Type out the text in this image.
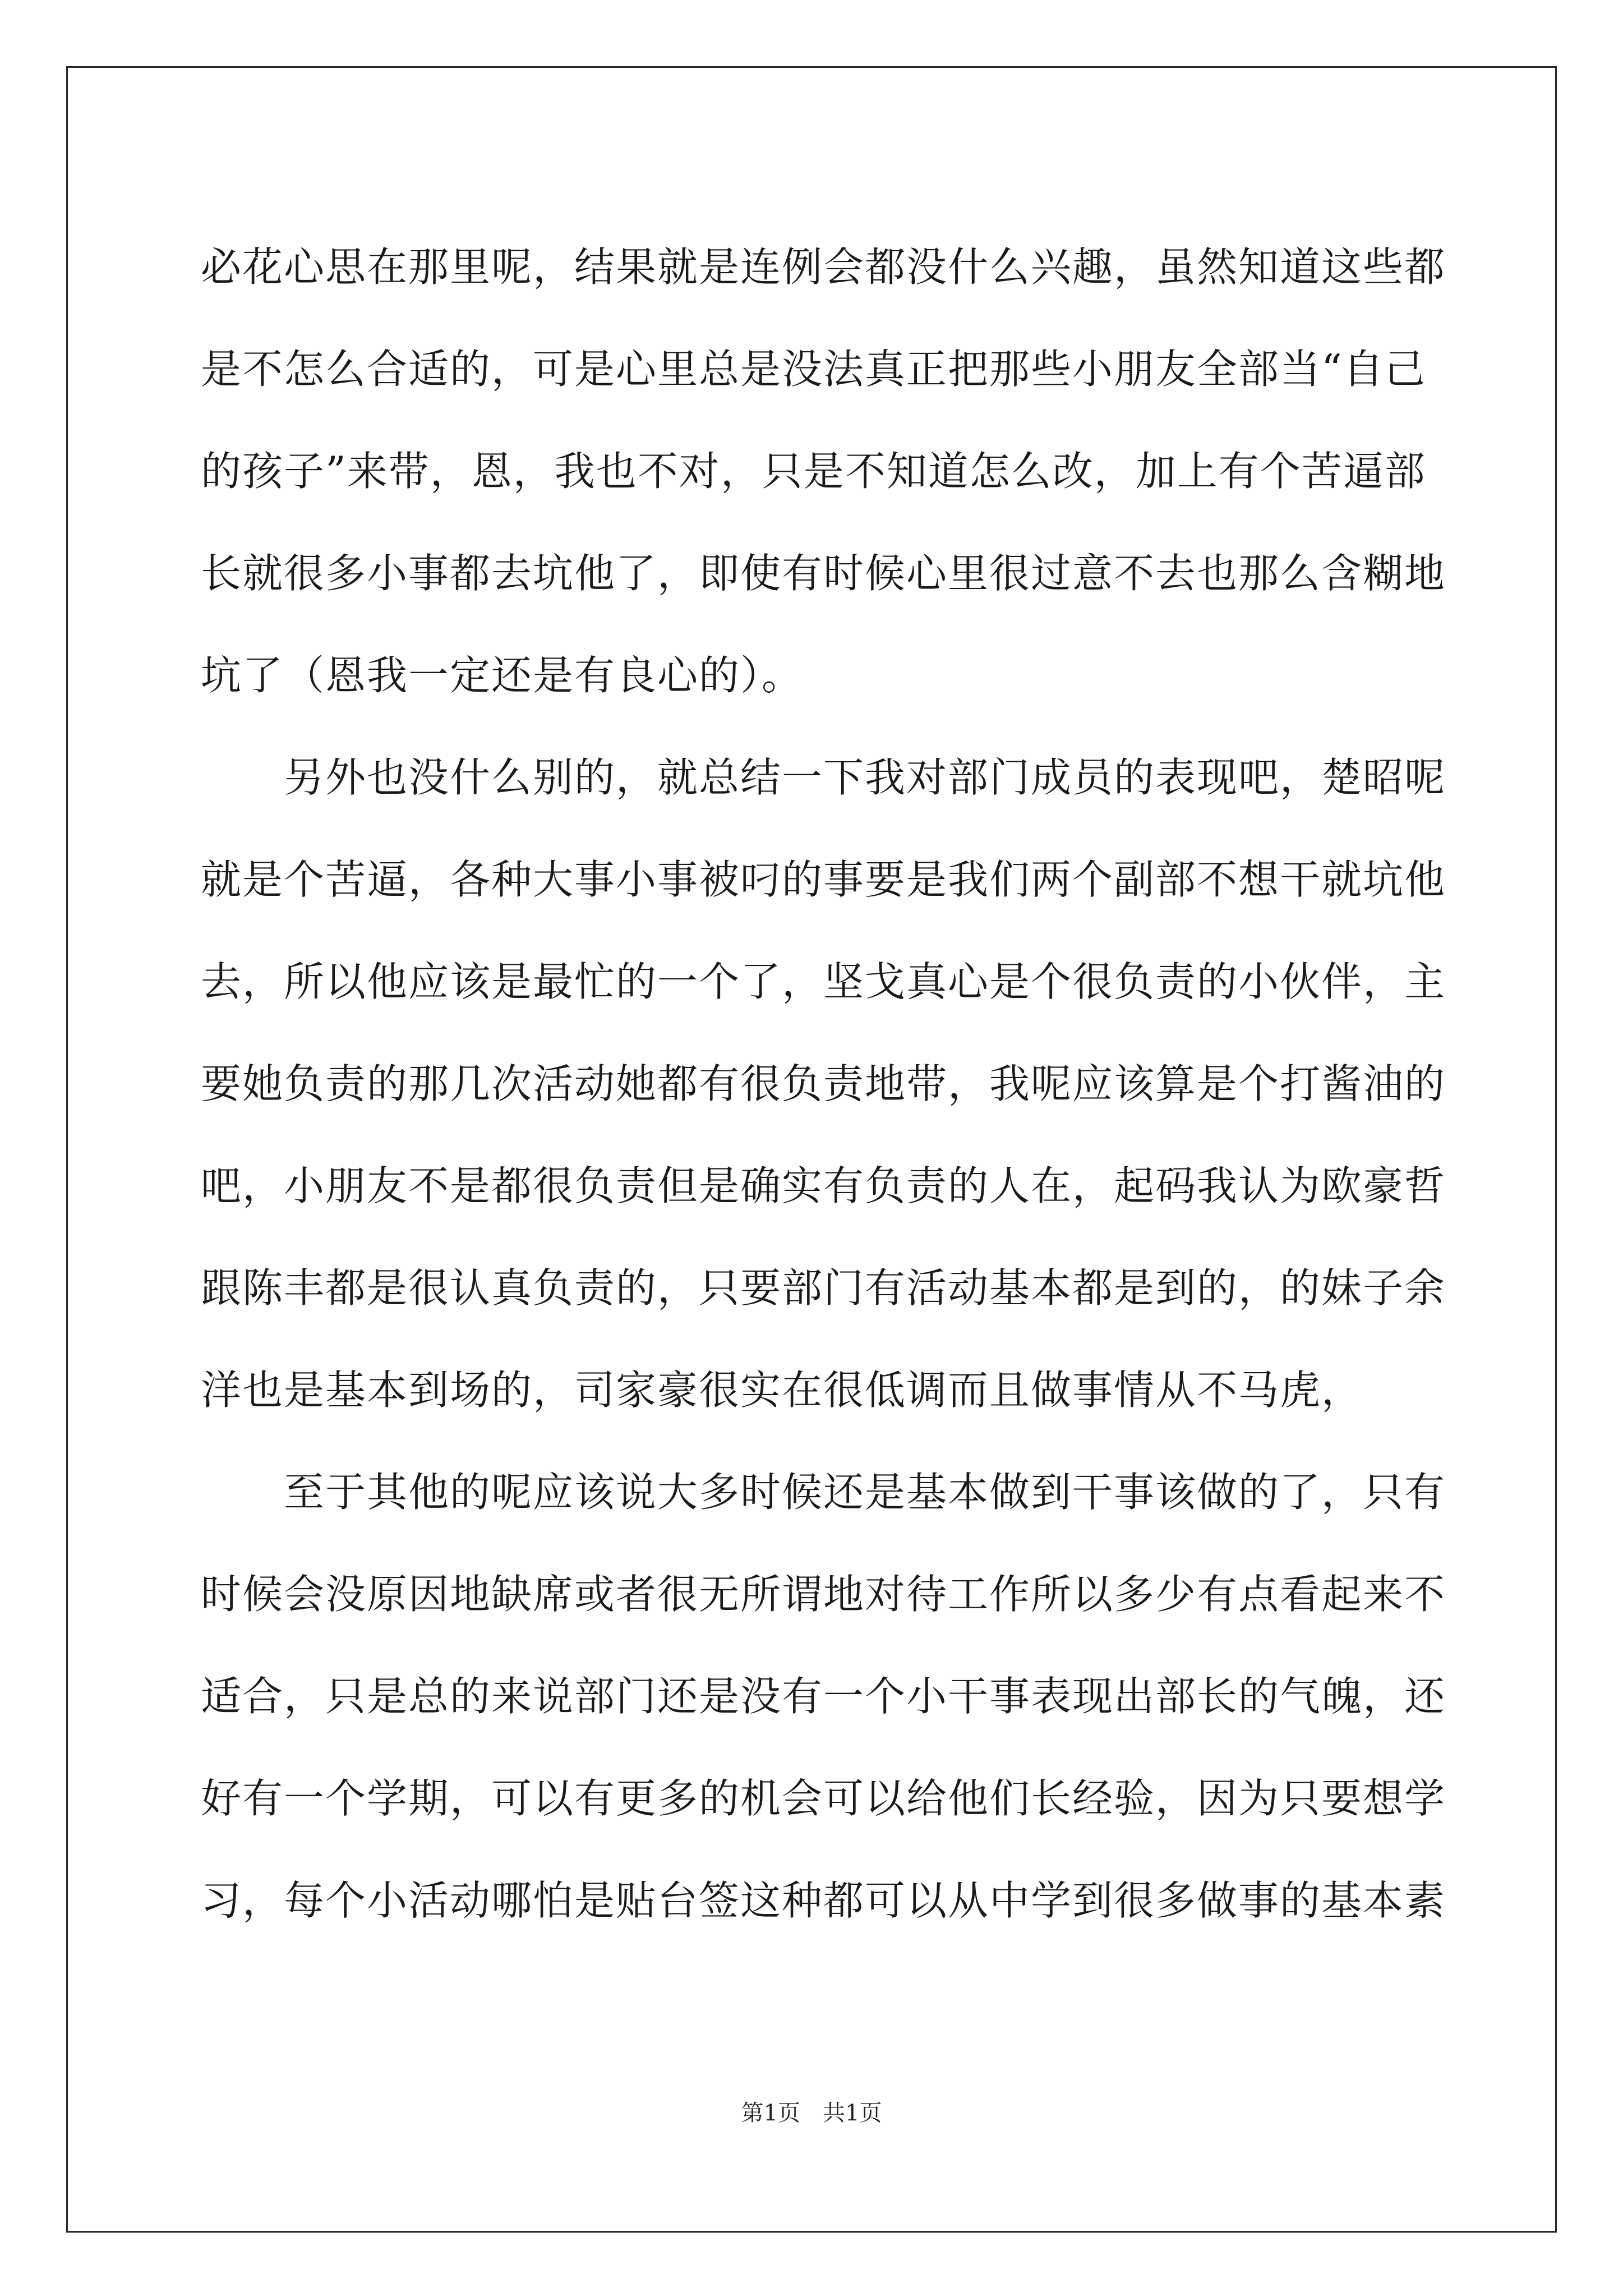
必花心思在那里呢，结果就是连例会都没什么兴趣，虽然知道这些都
是不怎么合适的，可是心里总是没法真正把那些小朋友全部当“自己
的孩子”来带，恩，我也不对，只是不知道怎么改，加上有个苦逼部
长就很多小事都去坑他了，即使有时候心里很过意不去也那么含糊地
坑了（恩我一定还是有良心的）。
　　另外也没什么别的，就总结一下我对部门成员的表现吧，楚昭呢
就是个苦逼，各种大事小事被叼的事要是我们两个副部不想干就坑他
去，所以他应该是最忙的一个了，坚戈真心是个很负责的小伙伴，主
要她负责的那几次活动她都有很负责地带，我呢应该算是个打酱油的
吧，小朋友不是都很负责但是确实有负责的人在，起码我认为欧豪哲
跟陈丰都是很认真负责的，只要部门有活动基本都是到的，的妹子余
洋也是基本到场的，司家豪很实在很低调而且做事情从不马虎，
　　至于其他的呢应该说大多时候还是基本做到干事该做的了，只有
时候会没原因地缺席或者很无所谓地对待工作所以多少有点看起来不
适合，只是总的来说部门还是没有一个小干事表现出部长的气魄，还
好有一个学期，可以有更多的机会可以给他们长经验，因为只要想学
习，每个小活动哪怕是贴台签这种都可以从中学到很多做事的基本素
第1页　共1页
